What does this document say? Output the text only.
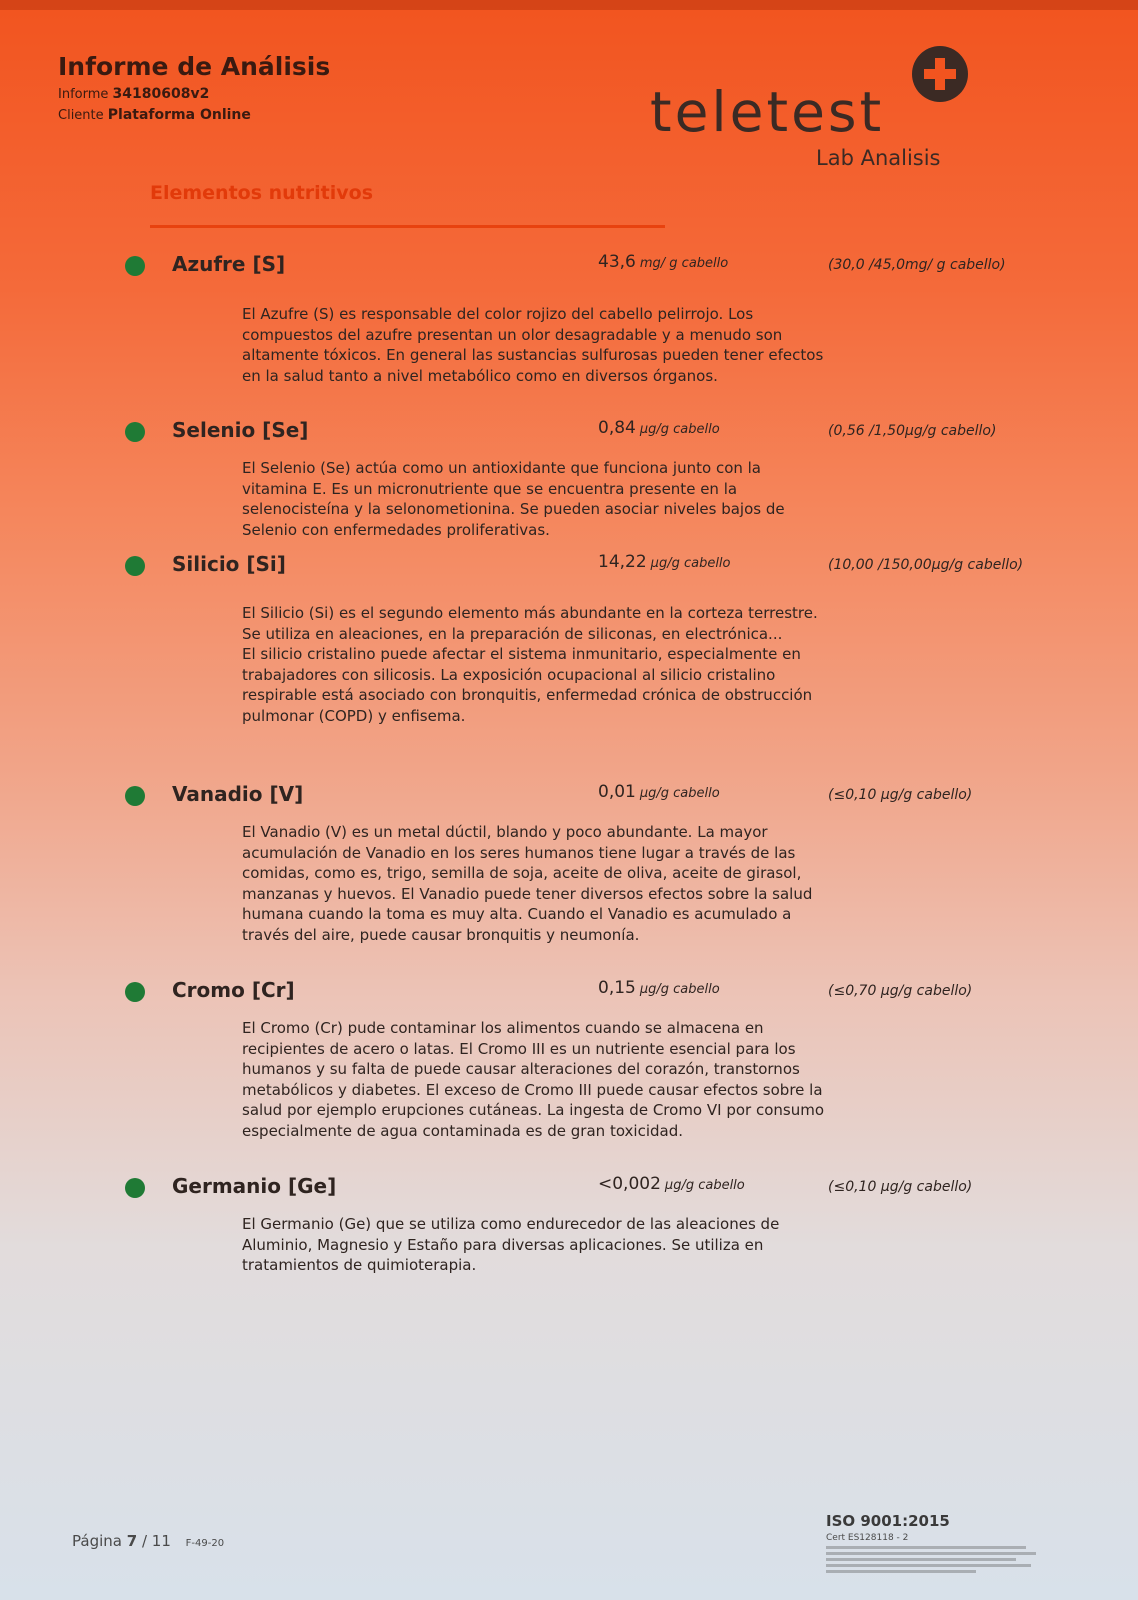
Informe de Análisis
Informe 34180608v2
Cliente Plataforma Online	teletest
Lab Analisis
Elementos nutritivos
Azufre [S]	43,6 mg/ g cabello	(30,0 /45,0mg/ g cabello)

El Azufre (S) es responsable del color rojizo del cabello pelirrojo. Los compuestos del azufre presentan un olor desagradable y a menudo son altamente tóxicos. En general las sustancias sulfurosas pueden tener efectos en la salud tanto a nivel metabólico como en diversos órganos.

Selenio [Se]	0,84 µg/g cabello	(0,56 /1,50µg/g cabello)

El Selenio (Se) actúa como un antioxidante que funciona junto con la vitamina E. Es un micronutriente que se encuentra presente en la selenocisteína y la selonometionina. Se pueden asociar niveles bajos de Selenio con enfermedades proliferativas.

Silicio [Si]	14,22 µg/g cabello	(10,00 /150,00µg/g cabello)

El Silicio (Si) es el segundo elemento más abundante en la corteza terrestre. Se utiliza en aleaciones, en la preparación de siliconas, en electrónica...

El silicio cristalino puede afectar el sistema inmunitario, especialmente en trabajadores con silicosis. La exposición ocupacional al silicio cristalino respirable está asociado con bronquitis, enfermedad crónica de obstrucción pulmonar (COPD) y enfisema.

Vanadio [V]	0,01 µg/g cabello	(≤0,10 µg/g cabello)

El Vanadio (V) es un metal dúctil, blando y poco abundante. La mayor acumulación de Vanadio en los seres humanos tiene lugar a través de las comidas, como es, trigo, semilla de soja, aceite de oliva, aceite de girasol, manzanas y huevos. El Vanadio puede tener diversos efectos sobre la salud humana cuando la toma es muy alta. Cuando el Vanadio es acumulado a través del aire, puede causar bronquitis y neumonía.

Cromo [Cr]	0,15 µg/g cabello	(≤0,70 µg/g cabello)

El Cromo (Cr) pude contaminar los alimentos cuando se almacena en recipientes de acero o latas. El Cromo III es un nutriente esencial para los humanos y su falta de puede causar alteraciones del corazón, transtornos metabólicos y diabetes. El exceso de Cromo III puede causar efectos sobre la salud por ejemplo erupciones cutáneas. La ingesta de Cromo VI por consumo especialmente de agua contaminada es de gran toxicidad.

Germanio [Ge]	<0,002 µg/g cabello	(≤0,10 µg/g cabello)

El Germanio (Ge) que se utiliza como endurecedor de las aleaciones de Aluminio, Magnesio y Estaño para diversas aplicaciones. Se utiliza en tratamientos de quimioterapia.

Página 7 / 11 F-49-20
ISO 9001:2015
Cert ES128118 - 2
